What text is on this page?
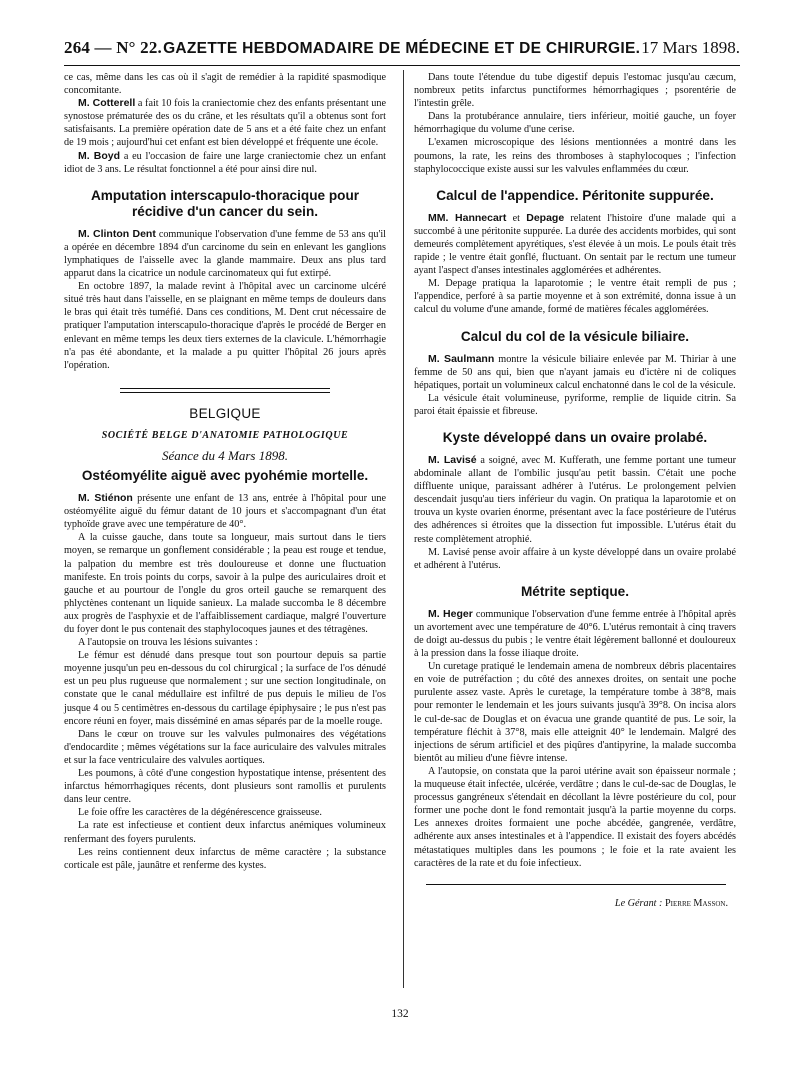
264 — N° 22. GAZETTE HEBDOMADAIRE DE MÉDECINE ET DE CHIRURGIE. 17 Mars 1898.

ce cas, même dans les cas où il s'agit de remédier à la rapidité spasmodique concomitante.

M. Cotterell a fait 10 fois la craniectomie chez des enfants présentant une synostose prématurée des os du crâne, et les résultats qu'il a obtenus sont fort satisfaisants. La première opération date de 5 ans et a été faite chez un enfant de 19 mois ; aujourd'hui cet enfant est bien développé et fréquente une école.

M. Boyd a eu l'occasion de faire une large craniectomie chez un enfant idiot de 3 ans. Le résultat fonctionnel a été pour ainsi dire nul.

Amputation interscapulo-thoracique pour récidive d'un cancer du sein.

M. Clinton Dent communique l'observation d'une femme de 53 ans qu'il a opérée en décembre 1894 d'un carcinome du sein en enlevant les ganglions lymphatiques de l'aisselle avec la glande mammaire. Deux ans plus tard apparut dans la cicatrice un nodule carcinomateux qui fut extirpé.

En octobre 1897, la malade revint à l'hôpital avec un carcinome ulcéré situé très haut dans l'aisselle, en se plaignant en même temps de douleurs dans le bras qui était très tuméfié. Dans ces conditions, M. Dent crut nécessaire de pratiquer l'amputation interscapulo-thoracique d'après le procédé de Berger en enlevant en même temps les deux tiers externes de la clavicule. L'hémorrhagie n'a pas été abondante, et la malade a pu quitter l'hôpital 26 jours après l'opération.

BELGIQUE
SOCIÉTÉ BELGE D'ANATOMIE PATHOLOGIQUE
Séance du 4 Mars 1898.
Ostéomyélite aiguë avec pyohémie mortelle.

M. Stiénon présente une enfant de 13 ans, entrée à l'hôpital pour une ostéomyélite aiguë du fémur datant de 10 jours et s'accompagnant d'un état typhoïde grave avec une température de 40°.

A la cuisse gauche, dans toute sa longueur, mais surtout dans le tiers moyen, se remarque un gonflement considérable ; la peau est rouge et tendue, la palpation du membre est très douloureuse et donne une fluctuation manifeste. En trois points du corps, savoir à la pulpe des auriculaires droit et gauche et au pourtour de l'ongle du gros orteil gauche se remarquent des phlyctènes contenant un liquide sanieux. La malade succomba le 8 décembre aux progrès de l'asphyxie et de l'affaiblissement cardiaque, malgré l'ouverture du foyer dont le pus contenait des staphylocoques jaunes et des tétragènes.

A l'autopsie on trouva les lésions suivantes :

Le fémur est dénudé dans presque tout son pourtour depuis sa partie moyenne jusqu'un peu en-dessous du col chirurgical ; la surface de l'os dénudé est un peu plus rugueuse que normalement ; sur une section longitudinale, on constate que le canal médullaire est infiltré de pus depuis le milieu de l'os jusque 4 ou 5 centimètres en-dessous du cartilage épiphysaire ; le pus n'est pas encore réuni en foyer, mais disséminé en amas séparés par de la moelle rouge.

Dans le cœur on trouve sur les valvules pulmonaires des végétations d'endocardite ; mêmes végétations sur la face auriculaire des valvules mitrales et sur la face ventriculaire des valvules aortiques.

Les poumons, à côté d'une congestion hypostatique intense, présentent des infarctus hémorrhagiques récents, dont plusieurs sont ramollis et purulents dans leur centre.

Le foie offre les caractères de la dégénérescence graisseuse.

La rate est infectieuse et contient deux infarctus anémiques volumineux renfermant des foyers purulents.

Les reins contiennent deux infarctus de même caractère ; la substance corticale est pâle, jaunâtre et renferme des kystes.

Dans toute l'étendue du tube digestif depuis l'estomac jusqu'au cæcum, nombreux petits infarctus punctiformes hémorrhagiques ; psorentérie de l'intestin grêle.

Dans la protubérance annulaire, tiers inférieur, moitié gauche, un foyer hémorrhagique du volume d'une cerise.

L'examen microscopique des lésions mentionnées a montré dans les poumons, la rate, les reins des thromboses à staphylocoques ; l'infection staphylococcique existe aussi sur les valvules enflammées du cœur.

Calcul de l'appendice. Péritonite suppurée.

MM. Hannecart et Depage relatent l'histoire d'une malade qui a succombé à une péritonite suppurée. La durée des accidents morbides, qui sont demeurés complètement apyrétiques, s'est élevée à un mois. Le pouls était très rapide ; le ventre était gonflé, fluctuant. On sentait par le rectum une tumeur ayant l'aspect d'anses intestinales agglomérées et adhérentes.

M. Depage pratiqua la laparotomie ; le ventre était rempli de pus ; l'appendice, perforé à sa partie moyenne et à son extrémité, donna issue à un calcul du volume d'une amande, formé de matières fécales agglomérées.

Calcul du col de la vésicule biliaire.

M. Saulmann montre la vésicule biliaire enlevée par M. Thiriar à une femme de 50 ans qui, bien que n'ayant jamais eu d'ictère ni de coliques hépatiques, portait un volumineux calcul enchatonné dans le col de la vésicule.

La vésicule était volumineuse, pyriforme, remplie de liquide citrin. Sa paroi était épaissie et fibreuse.

Kyste développé dans un ovaire prolabé.

M. Lavisé a soigné, avec M. Kufferath, une femme portant une tumeur abdominale allant de l'ombilic jusqu'au petit bassin. C'était une poche diffluente unique, paraissant adhérer à l'utérus. Le prolongement pelvien descendait jusqu'au tiers inférieur du vagin. On pratiqua la laparotomie et on trouva un kyste ovarien énorme, présentant avec la face postérieure de l'utérus des adhérences si étroites que la dissection fut impossible. L'utérus était du reste complètement atrophié.

M. Lavisé pense avoir affaire à un kyste développé dans un ovaire prolabé et adhérent à l'utérus.

Métrite septique.

M. Heger communique l'observation d'une femme entrée à l'hôpital après un avortement avec une température de 40°6. L'utérus remontait à cinq travers de doigt au-dessus du pubis ; le ventre était légèrement ballonné et douloureux à la pression dans la fosse iliaque droite.

Un curetage pratiqué le lendemain amena de nombreux débris placentaires en voie de putréfaction ; du côté des annexes droites, on sentait une poche purulente assez vaste. Après le curetage, la température tombe à 38°8, mais pour remonter le lendemain et les jours suivants jusqu'à 39°8. On incisa alors le cul-de-sac de Douglas et on évacua une grande quantité de pus. Le soir, la température fléchit à 37°8, mais elle atteignit 40° le lendemain. Malgré des injections de sérum artificiel et des piqûres d'antipyrine, la malade succomba bientôt au milieu d'une fièvre intense.

A l'autopsie, on constata que la paroi utérine avait son épaisseur normale ; la muqueuse était infectée, ulcérée, verdâtre ; dans le cul-de-sac de Douglas, le processus gangréneux s'étendait en décollant la lèvre postérieure du col, pour former une poche dont le fond remontait jusqu'à la partie moyenne du corps. Les annexes droites formaient une poche abcédée, gangrenée, verdâtre, adhérente aux anses intestinales et à l'appendice. Il existait des foyers abcédés métastatiques multiples dans les poumons ; le foie et la rate avaient les caractères de la rate et du foie infectieux.

Le Gérant : Pierre Masson.
132
